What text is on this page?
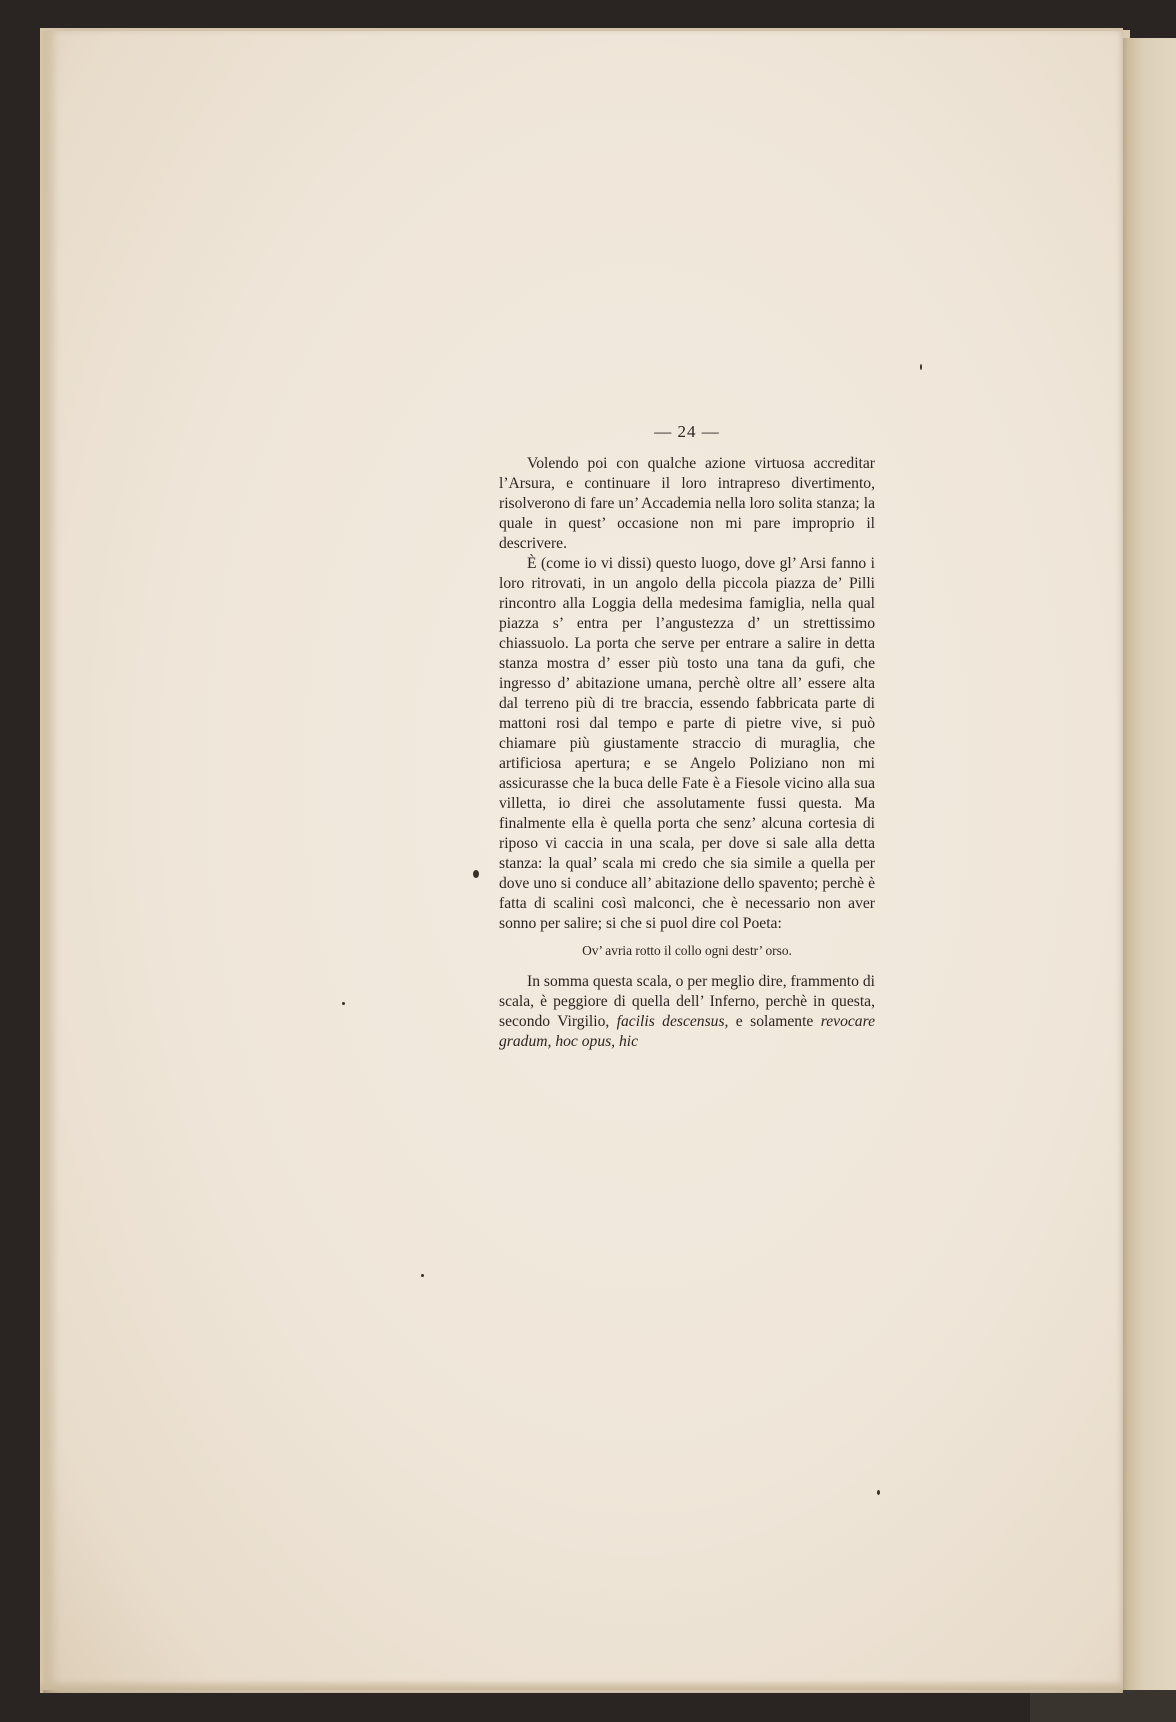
— 24 —

Volendo poi con qualche azione virtuosa accreditar l’Arsura, e continuare il loro intrapreso divertimento, risolverono di fare un’ Accademia nella loro solita stanza; la quale in quest’ occasione non mi pare improprio il descrivere.

È (come io vi dissi) questo luogo, dove gl’ Arsi fanno i loro ritrovati, in un angolo della piccola piazza de’ Pilli rincontro alla Loggia della medesima famiglia, nella qual piazza s’ entra per l’angustezza d’ un strettissimo chiassuolo. La porta che serve per entrare a salire in detta stanza mostra d’ esser più tosto una tana da gufi, che ingresso d’ abitazione umana, perchè oltre all’ essere alta dal terreno più di tre braccia, essendo fabbricata parte di mattoni rosi dal tempo e parte di pietre vive, si può chiamare più giustamente straccio di muraglia, che artificiosa apertura; e se Angelo Poliziano non mi assicurasse che la buca delle Fate è a Fiesole vicino alla sua villetta, io direi che assolutamente fussi questa. Ma finalmente ella è quella porta che senz’ alcuna cortesia di riposo vi caccia in una scala, per dove si sale alla detta stanza: la qual’ scala mi credo che sia simile a quella per dove uno si conduce all’ abitazione dello spavento; perchè è fatta di scalini così malconci, che è necessario non aver sonno per salire; si che si puol dire col Poeta:

Ov’ avria rotto il collo ogni destr’ orso.

In somma questa scala, o per meglio dire, frammento di scala, è peggiore di quella dell’ Inferno, perchè in questa, secondo Virgilio, facilis descensus, e solamente revocare gradum, hoc opus, hic
